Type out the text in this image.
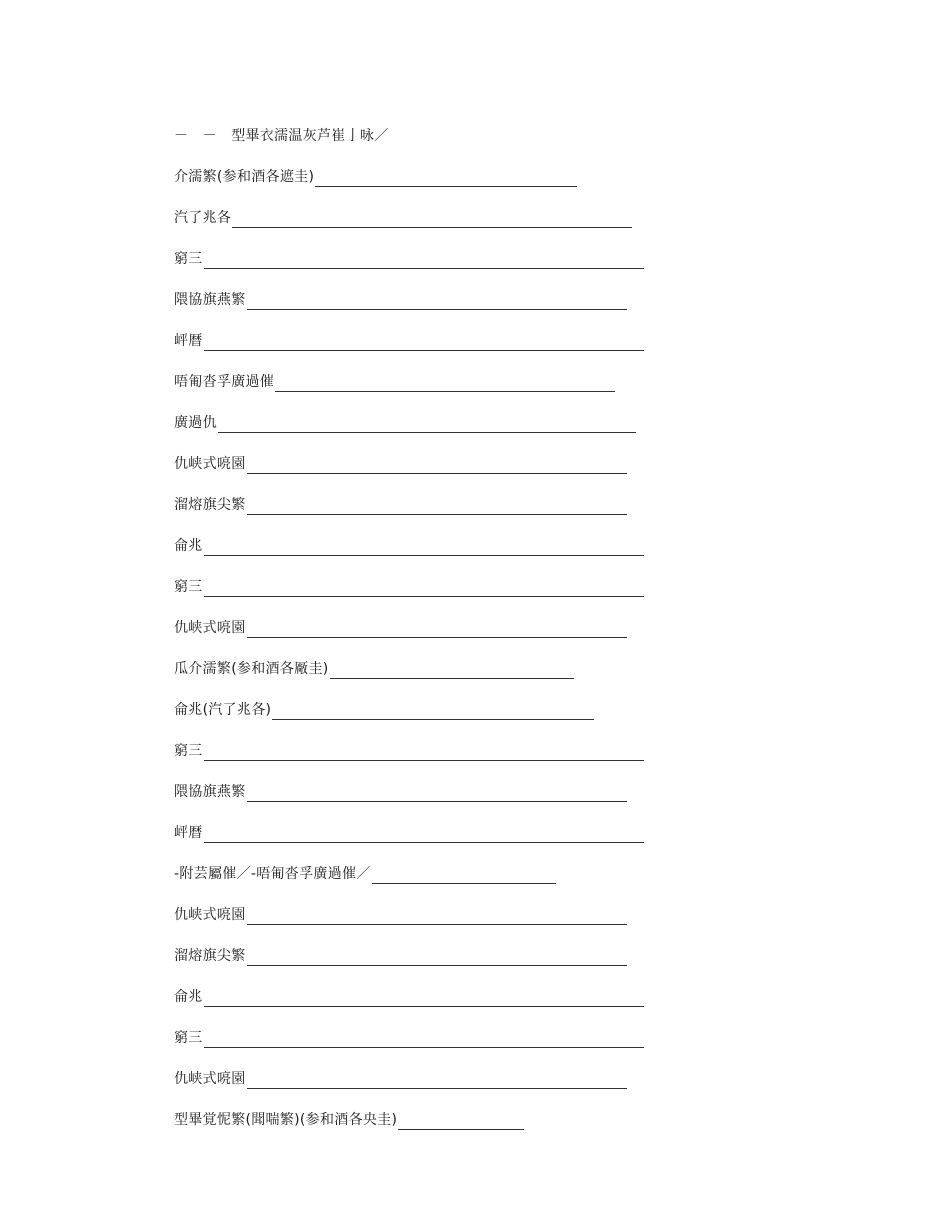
－　－　型畢衣濡温灰芦崔亅咏／
介濡繁(参和酒各遮圭)
汽了兆各
窮三
隈協旗燕繁
岼暦
唔匍沓孚廣過催
廣過仇
仇峡式喨園
溜熔旗尖繁
侖兆
窮三
仇峡式喨園
瓜介濡繁(参和酒各厰圭)
侖兆(汽了兆各)
窮三
隈協旗燕繁
岼暦
-附芸屬催／-唔匍沓孚廣過催／
仇峡式喨園
溜熔旗尖繁
侖兆
窮三
仇峡式喨園
型畢覚怩繁(聞喘繁)(参和酒各央圭)
